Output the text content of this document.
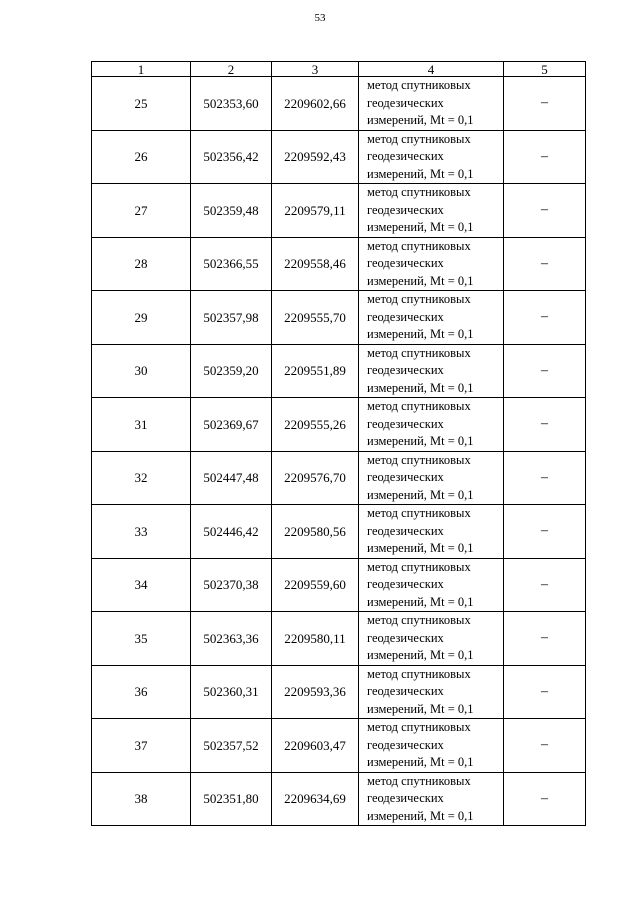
53
1	2	3	4	5
25	502353,60	2209602,66	метод спутниковых
геодезических
измерений, Mt = 0,1	–
26	502356,42	2209592,43	метод спутниковых
геодезических
измерений, Mt = 0,1	–
27	502359,48	2209579,11	метод спутниковых
геодезических
измерений, Mt = 0,1	–
28	502366,55	2209558,46	метод спутниковых
геодезических
измерений, Mt = 0,1	–
29	502357,98	2209555,70	метод спутниковых
геодезических
измерений, Mt = 0,1	–
30	502359,20	2209551,89	метод спутниковых
геодезических
измерений, Mt = 0,1	–
31	502369,67	2209555,26	метод спутниковых
геодезических
измерений, Mt = 0,1	–
32	502447,48	2209576,70	метод спутниковых
геодезических
измерений, Mt = 0,1	–
33	502446,42	2209580,56	метод спутниковых
геодезических
измерений, Mt = 0,1	–
34	502370,38	2209559,60	метод спутниковых
геодезических
измерений, Mt = 0,1	–
35	502363,36	2209580,11	метод спутниковых
геодезических
измерений, Mt = 0,1	–
36	502360,31	2209593,36	метод спутниковых
геодезических
измерений, Mt = 0,1	–
37	502357,52	2209603,47	метод спутниковых
геодезических
измерений, Mt = 0,1	–
38	502351,80	2209634,69	метод спутниковых
геодезических
измерений, Mt = 0,1	–
